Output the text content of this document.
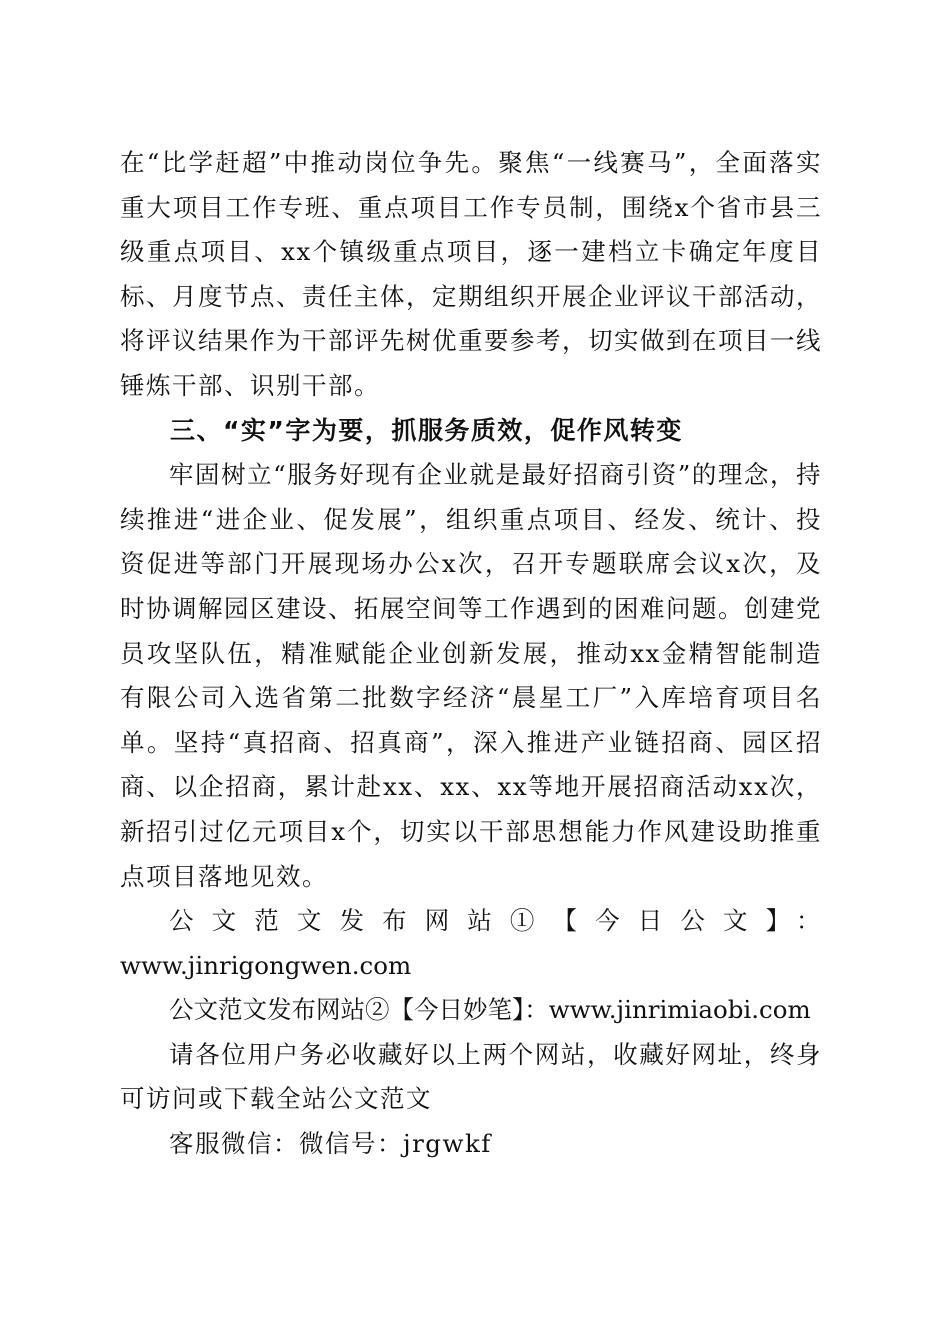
在“比学赶超”中推动岗位争先。聚焦“一线赛马”，全面落实重大项目工作专班、重点项目工作专员制，围绕x个省市县三级重点项目、xx个镇级重点项目，逐一建档立卡确定年度目标、月度节点、责任主体，定期组织开展企业评议干部活动，将评议结果作为干部评先树优重要参考，切实做到在项目一线锤炼干部、识别干部。

三、“实”字为要，抓服务质效，促作风转变

牢固树立“服务好现有企业就是最好招商引资”的理念，持续推进“进企业、促发展”，组织重点项目、经发、统计、投资促进等部门开展现场办公x次，召开专题联席会议x次，及时协调解园区建设、拓展空间等工作遇到的困难问题。创建党员攻坚队伍，精准赋能企业创新发展，推动xx金精智能制造有限公司入选省第二批数字经济“晨星工厂”入库培育项目名单。坚持“真招商、招真商”，深入推进产业链招商、园区招商、以企招商，累计赴xx、xx、xx等地开展招商活动xx次，新招引过亿元项目x个，切实以干部思想能力作风建设助推重点项目落地见效。

公文范文发布网站①【今日公文】：

www.jinrigongwen.com

公文范文发布网站②【今日妙笔】：www.jinrimiaobi.com

请各位用户务必收藏好以上两个网站，收藏好网址，终身可访问或下载全站公文范文

客服微信：微信号：jrgwkf
